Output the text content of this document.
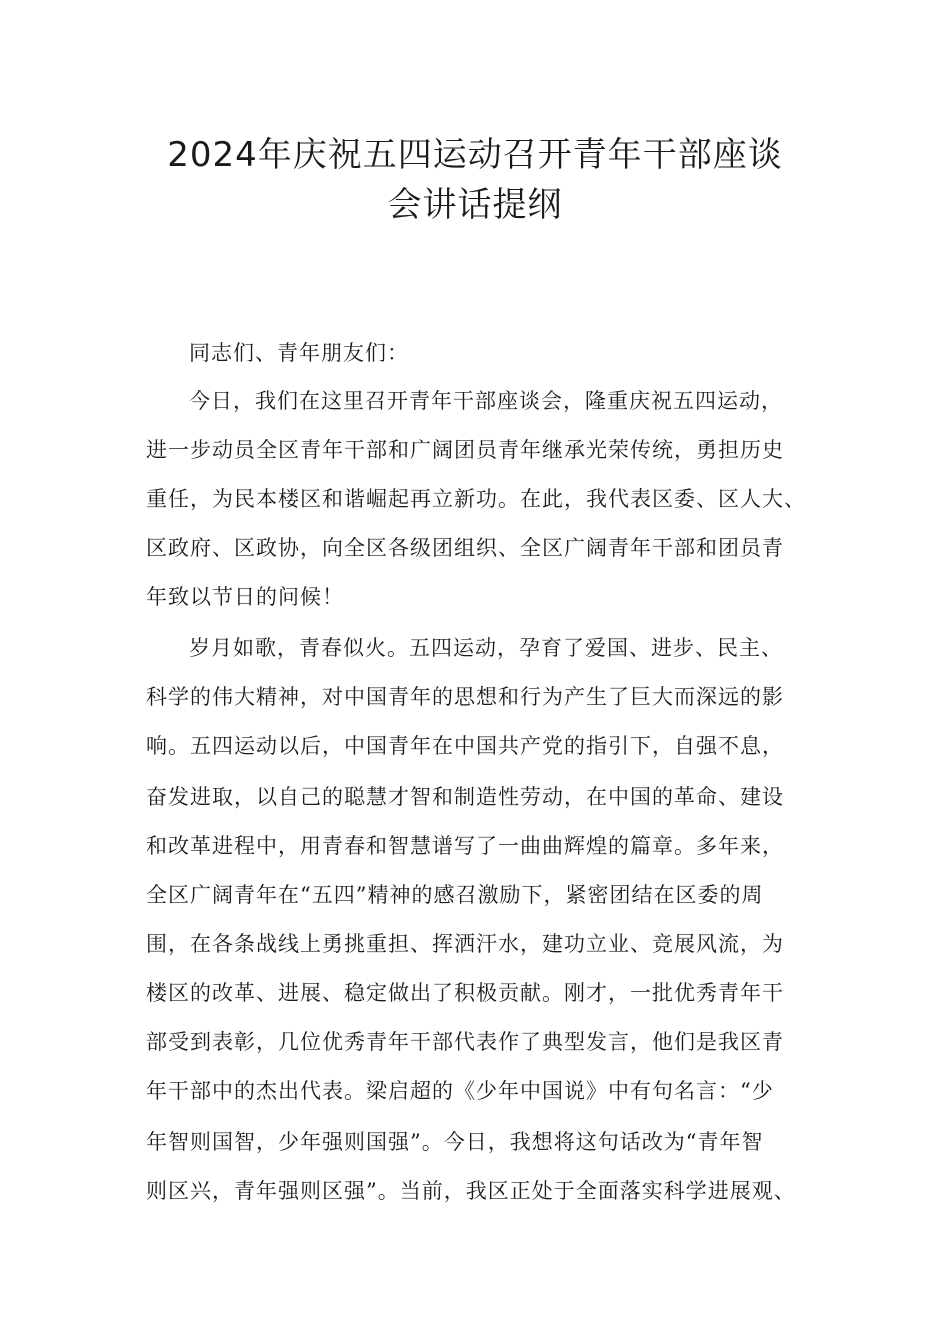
2024年庆祝五四运动召开青年干部座谈
会讲话提纲
同志们、青年朋友们：
今日，我们在这里召开青年干部座谈会，隆重庆祝五四运动，
进一步动员全区青年干部和广阔团员青年继承光荣传统，勇担历史
重任，为民本楼区和谐崛起再立新功。在此，我代表区委、区人大、
区政府、区政协，向全区各级团组织、全区广阔青年干部和团员青
年致以节日的问候！
岁月如歌，青春似火。五四运动，孕育了爱国、进步、民主、
科学的伟大精神，对中国青年的思想和行为产生了巨大而深远的影
响。五四运动以后，中国青年在中国共产党的指引下，自强不息，
奋发进取，以自己的聪慧才智和制造性劳动，在中国的革命、建设
和改革进程中，用青春和智慧谱写了一曲曲辉煌的篇章。多年来，
全区广阔青年在“五四”精神的感召激励下，紧密团结在区委的周
围，在各条战线上勇挑重担、挥洒汗水，建功立业、竞展风流，为
楼区的改革、进展、稳定做出了积极贡献。刚才，一批优秀青年干
部受到表彰，几位优秀青年干部代表作了典型发言，他们是我区青
年干部中的杰出代表。梁启超的《少年中国说》中有句名言：“少
年智则国智，少年强则国强”。今日，我想将这句话改为“青年智
则区兴，青年强则区强”。当前，我区正处于全面落实科学进展观、
